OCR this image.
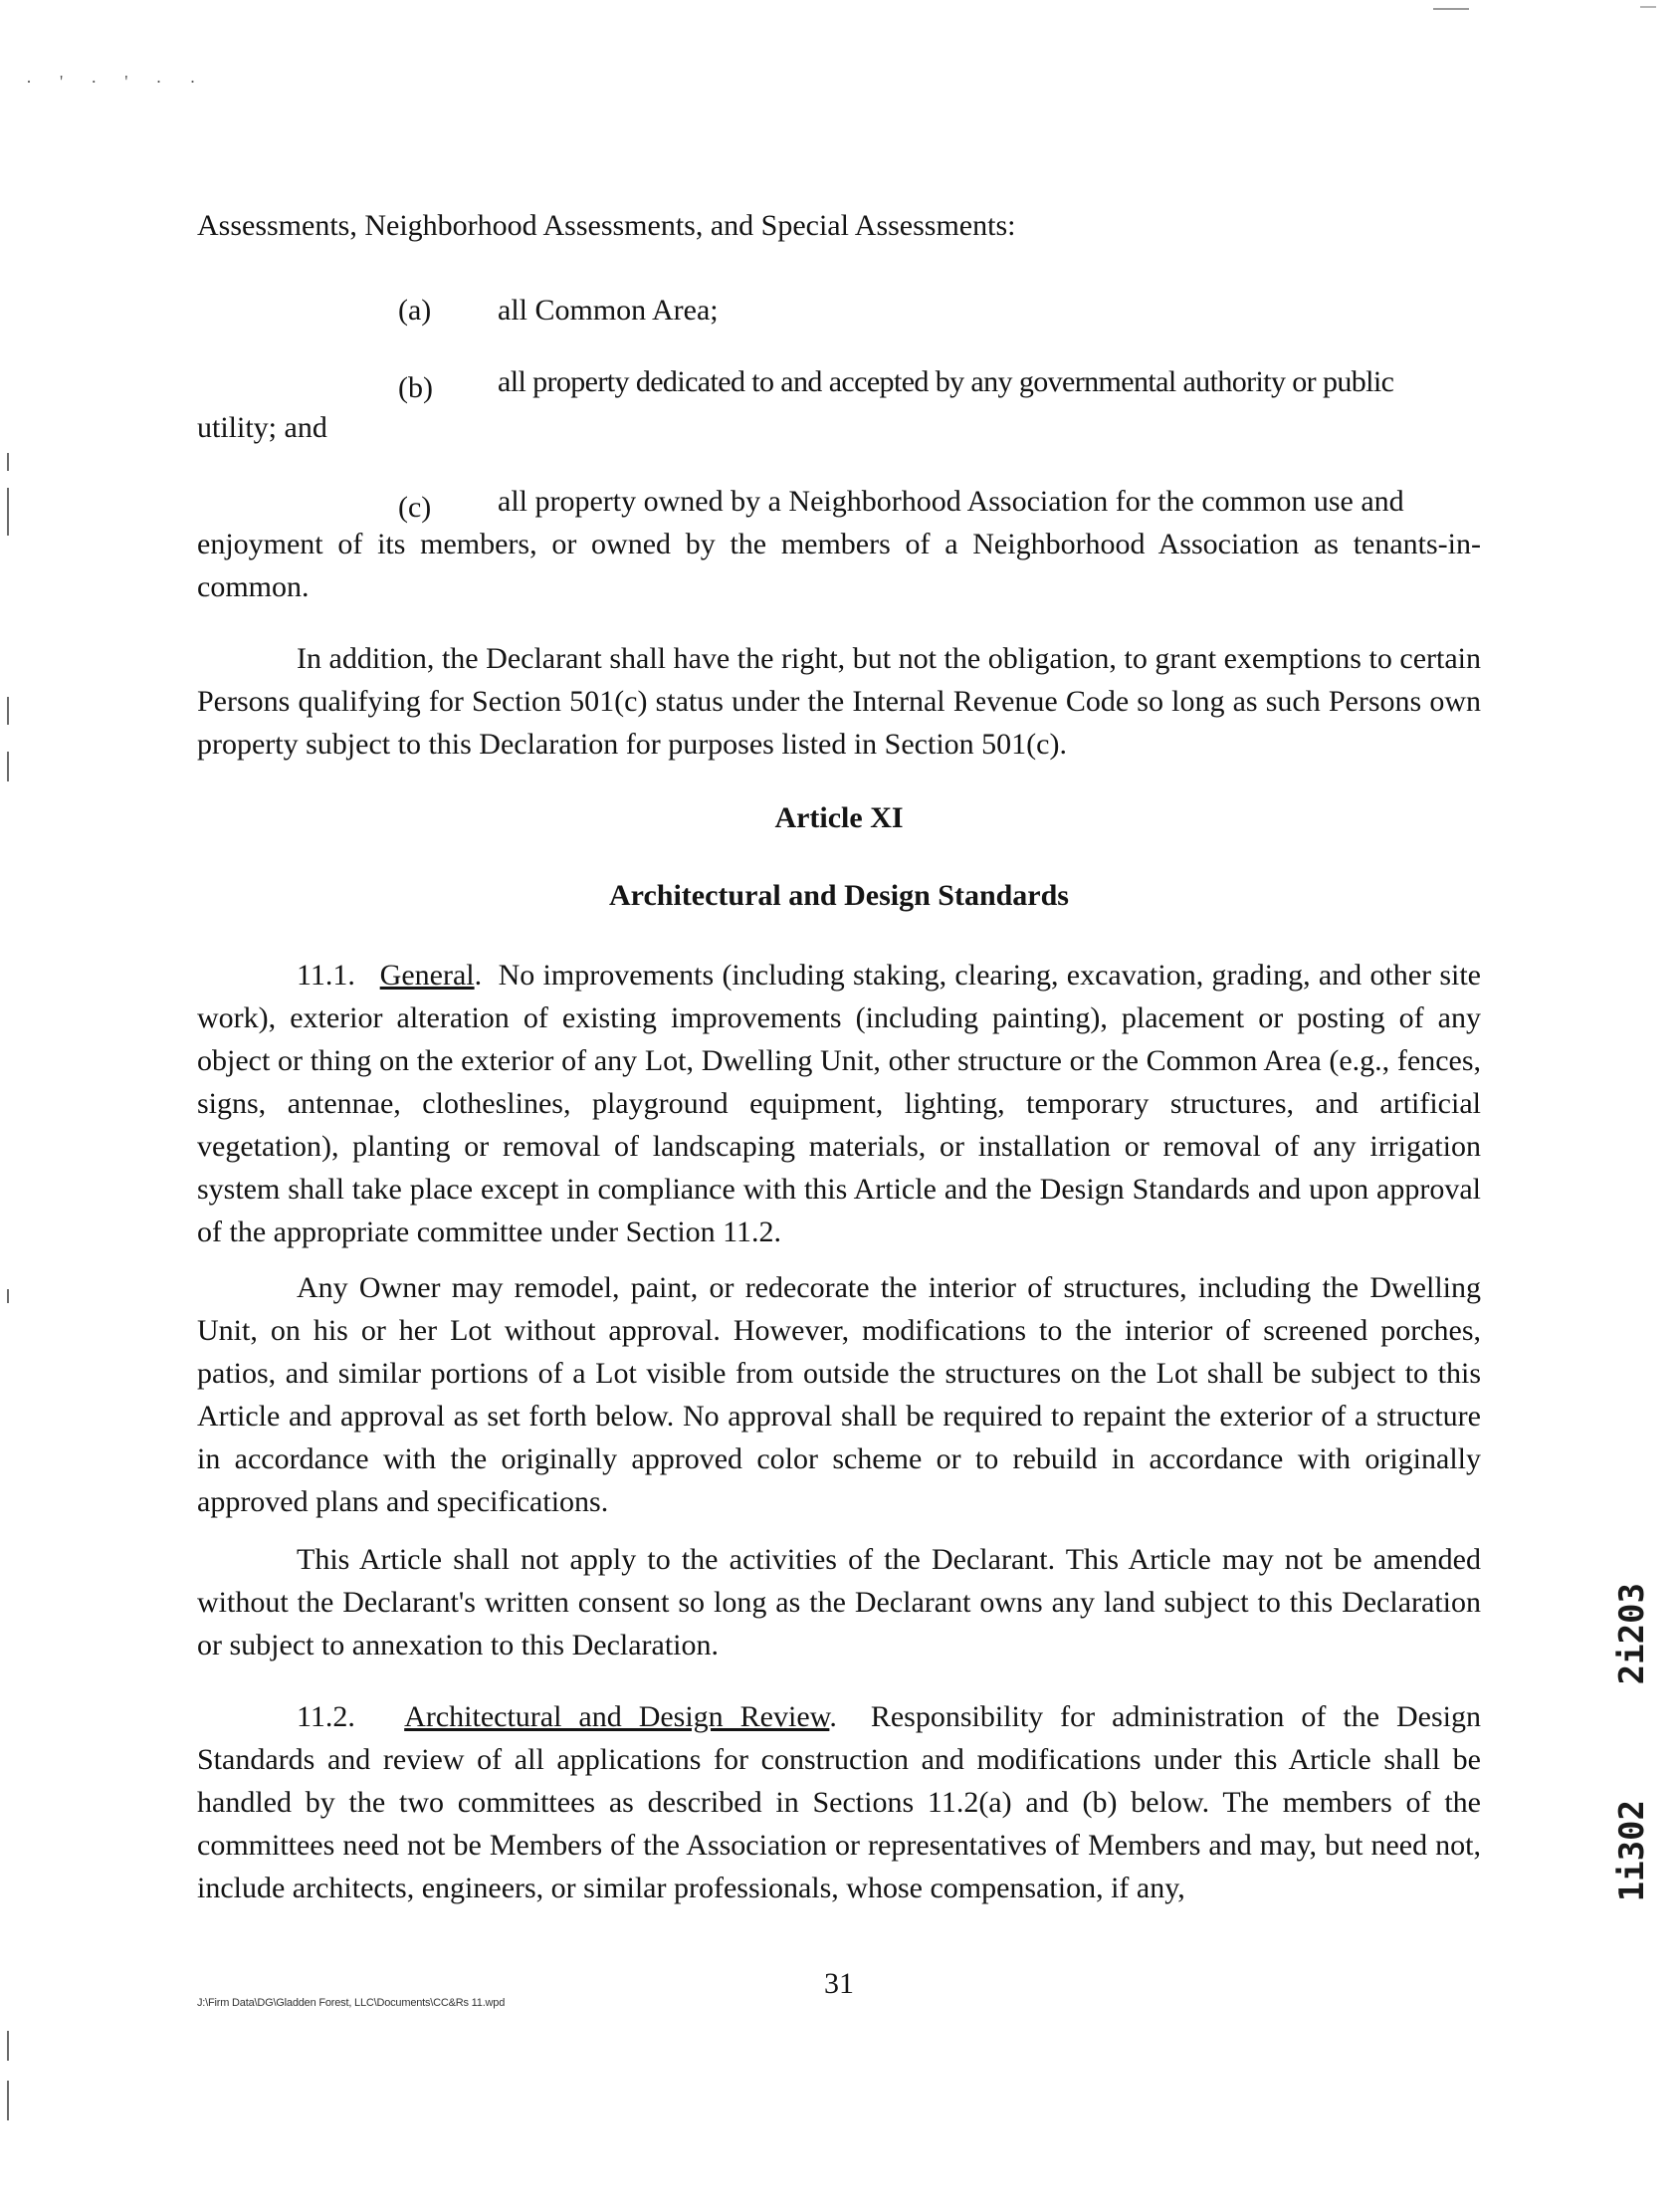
·'·'··

Assessments, Neighborhood Assessments, and Special Assessments:

(a) all Common Area;
(b) all property dedicated to and accepted by any governmental authority or public
utility; and
(c) all property owned by a Neighborhood Association for the common use and

enjoyment of its members, or owned by the members of a Neighborhood Association as tenants-in-common.

In addition, the Declarant shall have the right, but not the obligation, to grant exemptions to certain Persons qualifying for Section 501(c) status under the Internal Revenue Code so long as such Persons own property subject to this Declaration for purposes listed in Section 501(c).

Article XI
Architectural and Design Standards

11.1. General.  No improvements (including staking, clearing, excavation, grading, and other site work), exterior alteration of existing improvements (including painting), placement or posting of any object or thing on the exterior of any Lot, Dwelling Unit, other structure or the Common Area (e.g., fences, signs, antennae, clotheslines, playground equipment, lighting, temporary structures, and artificial vegetation), planting or removal of landscaping materials, or installation or removal of any irrigation system shall take place except in compliance with this Article and the Design Standards and upon approval of the appropriate committee under Section 11.2.

Any Owner may remodel, paint, or redecorate the interior of structures, including the Dwelling Unit, on his or her Lot without approval. However, modifications to the interior of screened porches, patios, and similar portions of a Lot visible from outside the structures on the Lot shall be subject to this Article and approval as set forth below. No approval shall be required to repaint the exterior of a structure in accordance with the originally approved color scheme or to rebuild in accordance with originally approved plans and specifications.

This Article shall not apply to the activities of the Declarant. This Article may not be amended without the Declarant's written consent so long as the Declarant owns any land subject to this Declaration or subject to annexation to this Declaration.

11.2. Architectural and Design Review.  Responsibility for administration of the Design Standards and review of all applications for construction and modifications under this Article shall be handled by the two committees as described in Sections 11.2(a) and (b) below. The members of the committees need not be Members of the Association or representatives of Members and may, but need not, include architects, engineers, or similar professionals, whose compensation, if any,

J:\Firm Data\DG\Gladden Forest, LLC\Documents\CC&Rs 11.wpd
31
2i203
1i302
